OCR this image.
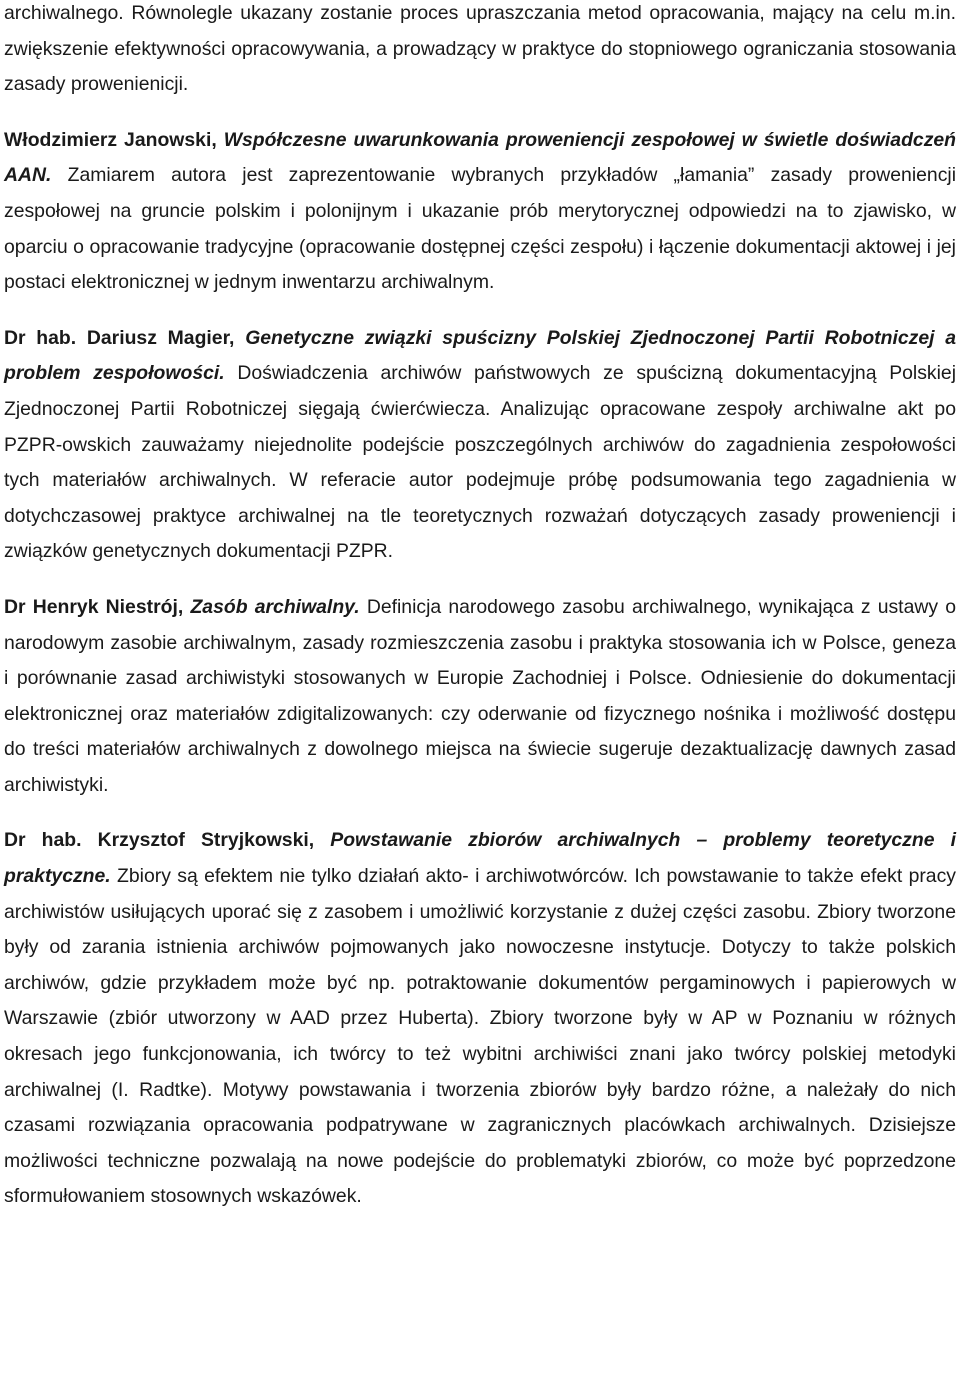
archiwalnego. Równolegle ukazany zostanie proces upraszczania metod opracowania, mający na celu m.in. zwiększenie efektywności opracowywania, a prowadzący w praktyce do stopniowego ograniczania stosowania zasady prowenienicji.

Włodzimierz Janowski, Współczesne uwarunkowania proweniencji zespołowej w świetle doświadczeń AAN. Zamiarem autora jest zaprezentowanie wybranych przykładów „łamania” zasady proweniencji zespołowej na gruncie polskim i polonijnym i ukazanie prób merytorycznej odpowiedzi na to zjawisko, w oparciu o opracowanie tradycyjne (opracowanie dostępnej części zespołu) i łączenie dokumentacji aktowej i jej postaci elektronicznej w jednym inwentarzu archiwalnym.

Dr hab. Dariusz Magier, Genetyczne związki spuścizny Polskiej Zjednoczonej Partii Robotniczej a problem zespołowości. Doświadczenia archiwów państwowych ze spuścizną dokumentacyjną Polskiej Zjednoczonej Partii Robotniczej sięgają ćwierćwiecza. Analizując opracowane zespoły archiwalne akt po PZPR-owskich zauważamy niejednolite podejście poszczególnych archiwów do zagadnienia zespołowości tych materiałów archiwalnych. W referacie autor podejmuje próbę podsumowania tego zagadnienia w dotychczasowej praktyce archiwalnej na tle teoretycznych rozważań dotyczących zasady proweniencji i związków genetycznych dokumentacji PZPR.

Dr Henryk Niestrój, Zasób archiwalny. Definicja narodowego zasobu archiwalnego, wynikająca z ustawy o narodowym zasobie archiwalnym, zasady rozmieszczenia zasobu i praktyka stosowania ich w Polsce, geneza i porównanie zasad archiwistyki stosowanych w Europie Zachodniej i Polsce. Odniesienie do dokumentacji elektronicznej oraz materiałów zdigitalizowanych: czy oderwanie od fizycznego nośnika i możliwość dostępu do treści materiałów archiwalnych z dowolnego miejsca na świecie sugeruje dezaktualizację dawnych zasad archiwistyki.

Dr hab. Krzysztof Stryjkowski, Powstawanie zbiorów archiwalnych – problemy teoretyczne i praktyczne. Zbiory są efektem nie tylko działań akto- i archiwotwórców. Ich powstawanie to także efekt pracy archiwistów usiłujących uporać się z zasobem i umożliwić korzystanie z dużej części zasobu. Zbiory tworzone były od zarania istnienia archiwów pojmowanych jako nowoczesne instytucje. Dotyczy to także polskich archiwów, gdzie przykładem może być np. potraktowanie dokumentów pergaminowych i papierowych w Warszawie (zbiór utworzony w AAD przez Huberta). Zbiory tworzone były w AP w Poznaniu w różnych okresach jego funkcjonowania, ich twórcy to też wybitni archiwiści znani jako twórcy polskiej metodyki archiwalnej (I. Radtke). Motywy powstawania i tworzenia zbiorów były bardzo różne, a należały do nich czasami rozwiązania opracowania podpatrywane w zagranicznych placówkach archiwalnych. Dzisiejsze możliwości techniczne pozwalają na nowe podejście do problematyki zbiorów, co może być poprzedzone sformułowaniem stosownych wskazówek.
